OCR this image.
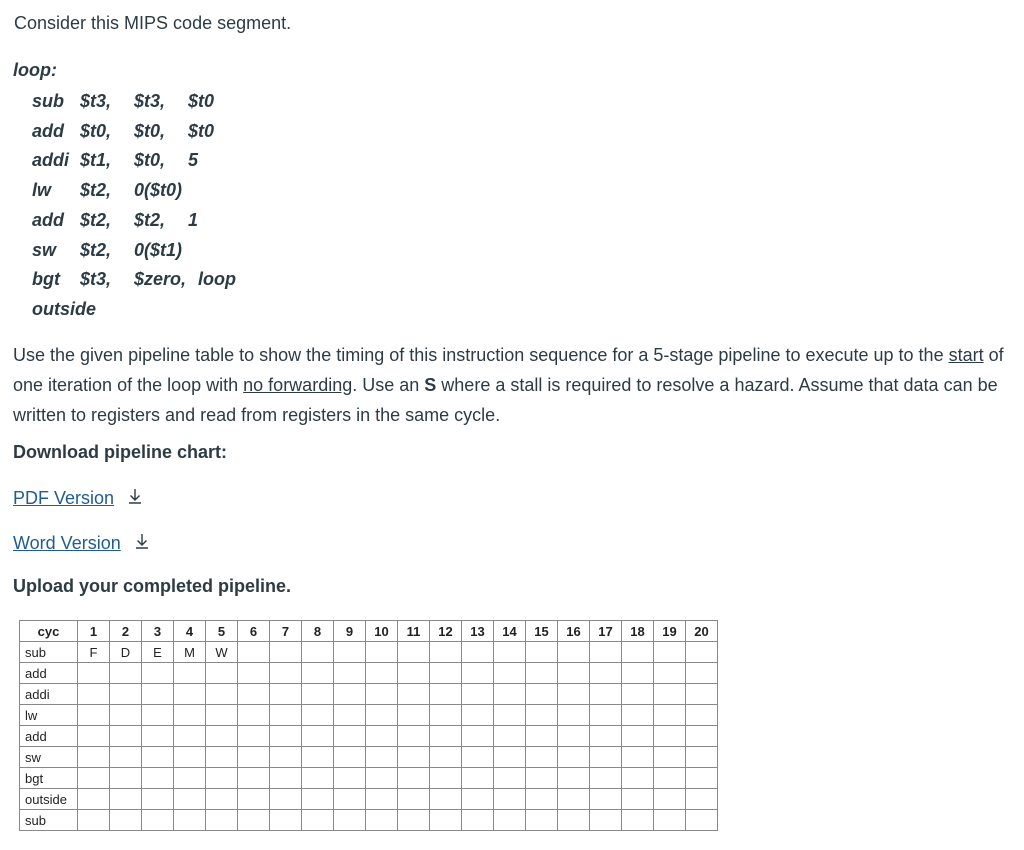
Consider this MIPS code segment.

loop:

sub $t3, $t3, $t0
add $t0, $t0, $t0
addi $t1, $t0, 5
lw $t2, 0($t0)
add $t2, $t2, 1
sw $t2, 0($t1)
bgt $t3, $zero, loop
outside

Use the given pipeline table to show the timing of this instruction sequence for a 5-stage pipeline to execute up to the start of one iteration of the loop with no forwarding. Use an S where a stall is required to resolve a hazard. Assume that data can be written to registers and read from registers in the same cycle.

Download pipeline chart:

PDF Version
Word Version

Upload your completed pipeline.

cyc	1	2	3	4	5	6	7	8	9	10	11	12	13	14	15	16	17	18	19	20
sub	F	D	E	M	W															
add																				
addi																				
lw																				
add																				
sw																				
bgt																				
outside																				
sub																				
